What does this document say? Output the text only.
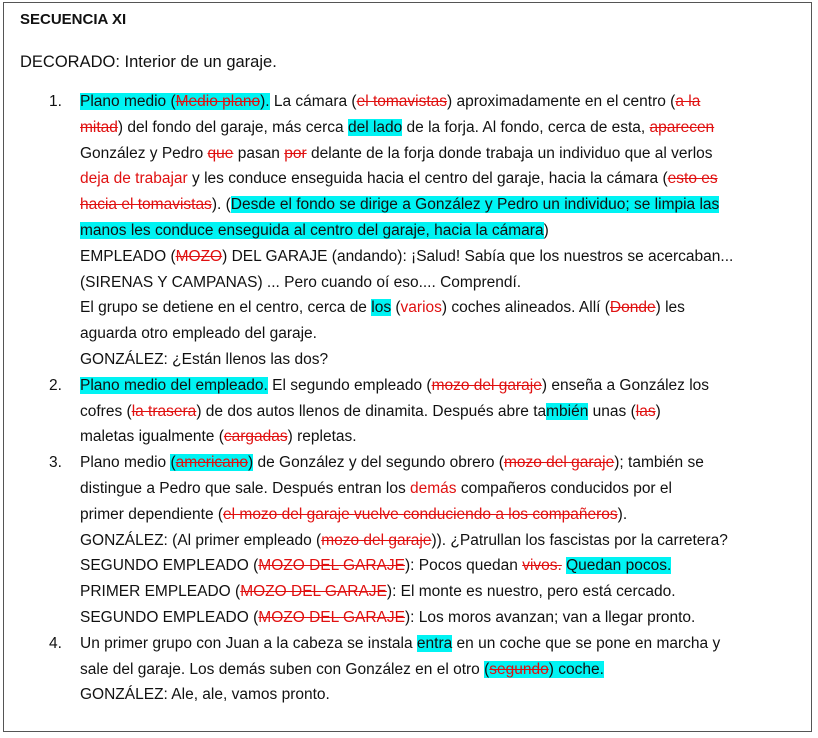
SECUENCIA XI

DECORADO: Interior de un garaje.
1. Plano medio (Medio plano). La cámara (el tomavistas) aproximadamente en el centro (a la
mitad) del fondo del garaje, más cerca del lado de la forja. Al fondo, cerca de esta, aparecen
González y Pedro que pasan por delante de la forja donde trabaja un individuo que al verlos
deja de trabajar y les conduce enseguida hacia el centro del garaje, hacia la cámara (esto es
hacia el tomavistas). (Desde el fondo se dirige a González y Pedro un individuo; se limpia las
manos les conduce enseguida al centro del garaje, hacia la cámara)
EMPLEADO (MOZO) DEL GARAJE (andando): ¡Salud! Sabía que los nuestros se acercaban...
(SIRENAS Y CAMPANAS) ... Pero cuando oí eso.... Comprendí.
El grupo se detiene en el centro, cerca de los (varios) coches alineados. Allí (Donde) les
aguarda otro empleado del garaje.
GONZÁLEZ: ¿Están llenos las dos?
2. Plano medio del empleado. El segundo empleado (mozo del garaje) enseña a González los
cofres (la trasera) de dos autos llenos de dinamita. Después abre también unas (las)
maletas igualmente (cargadas) repletas.
3. Plano medio (americano) de González y del segundo obrero (mozo del garaje); también se
distingue a Pedro que sale. Después entran los demás compañeros conducidos por el
primer dependiente (el mozo del garaje vuelve conduciendo a los compañeros).
GONZÁLEZ: (Al primer empleado (mozo del garaje)). ¿Patrullan los fascistas por la carretera?
SEGUNDO EMPLEADO (MOZO DEL GARAJE): Pocos quedan vivos. Quedan pocos.
PRIMER EMPLEADO (MOZO DEL GARAJE): El monte es nuestro, pero está cercado.
SEGUNDO EMPLEADO (MOZO DEL GARAJE): Los moros avanzan; van a llegar pronto.
4. Un primer grupo con Juan a la cabeza se instala entra en un coche que se pone en marcha y
sale del garaje. Los demás suben con González en el otro (segundo) coche.
GONZÁLEZ: Ale, ale, vamos pronto.
